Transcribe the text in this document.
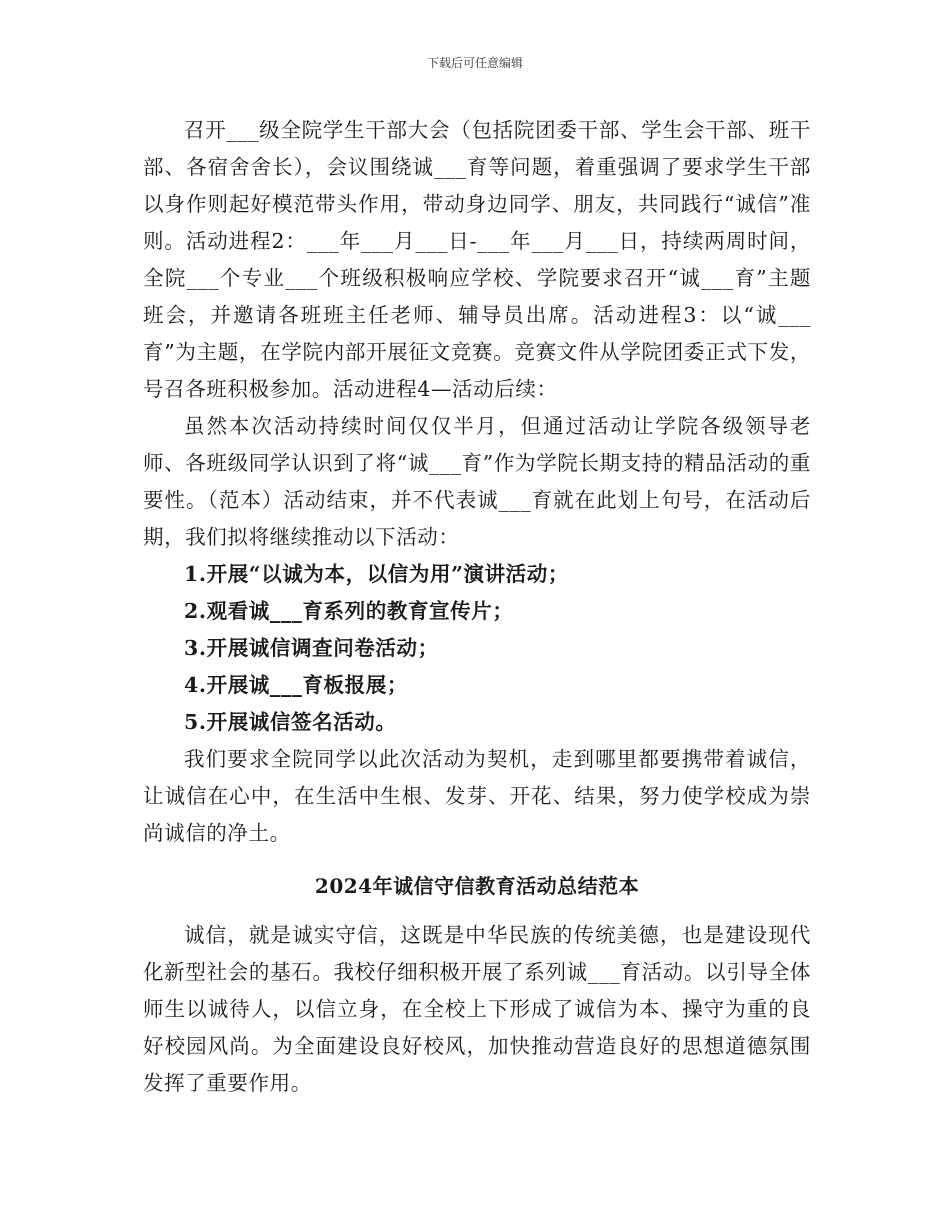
下载后可任意编辑

召开___级全院学生干部大会（包括院团委干部、学生会干部、班干部、各宿舍舍长），会议围绕诚___育等问题，着重强调了要求学生干部以身作则起好模范带头作用，带动身边同学、朋友，共同践行“诚信”准则。活动进程2：___年___月___日-___年___月___日，持续两周时间，全院___个专业___个班级积极响应学校、学院要求召开“诚___育”主题班会，并邀请各班班主任老师、辅导员出席。活动进程3：以“诚___育”为主题，在学院内部开展征文竞赛。竞赛文件从学院团委正式下发，号召各班积极参加。活动进程4—活动后续：

虽然本次活动持续时间仅仅半月，但通过活动让学院各级领导老师、各班级同学认识到了将“诚___育”作为学院长期支持的精品活动的重要性。（范本）活动结束，并不代表诚___育就在此划上句号，在活动后期，我们拟将继续推动以下活动：

1.开展“以诚为本，以信为用”演讲活动；

2.观看诚___育系列的教育宣传片；

3.开展诚信调查问卷活动；

4.开展诚___育板报展；

5.开展诚信签名活动。

我们要求全院同学以此次活动为契机，走到哪里都要携带着诚信，让诚信在心中，在生活中生根、发芽、开花、结果，努力使学校成为崇尚诚信的净土。

2024年诚信守信教育活动总结范本

诚信，就是诚实守信，这既是中华民族的传统美德，也是建设现代化新型社会的基石。我校仔细积极开展了系列诚___育活动。以引导全体师生以诚待人，以信立身，在全校上下形成了诚信为本、操守为重的良好校园风尚。为全面建设良好校风，加快推动营造良好的思想道德氛围发挥了重要作用。
